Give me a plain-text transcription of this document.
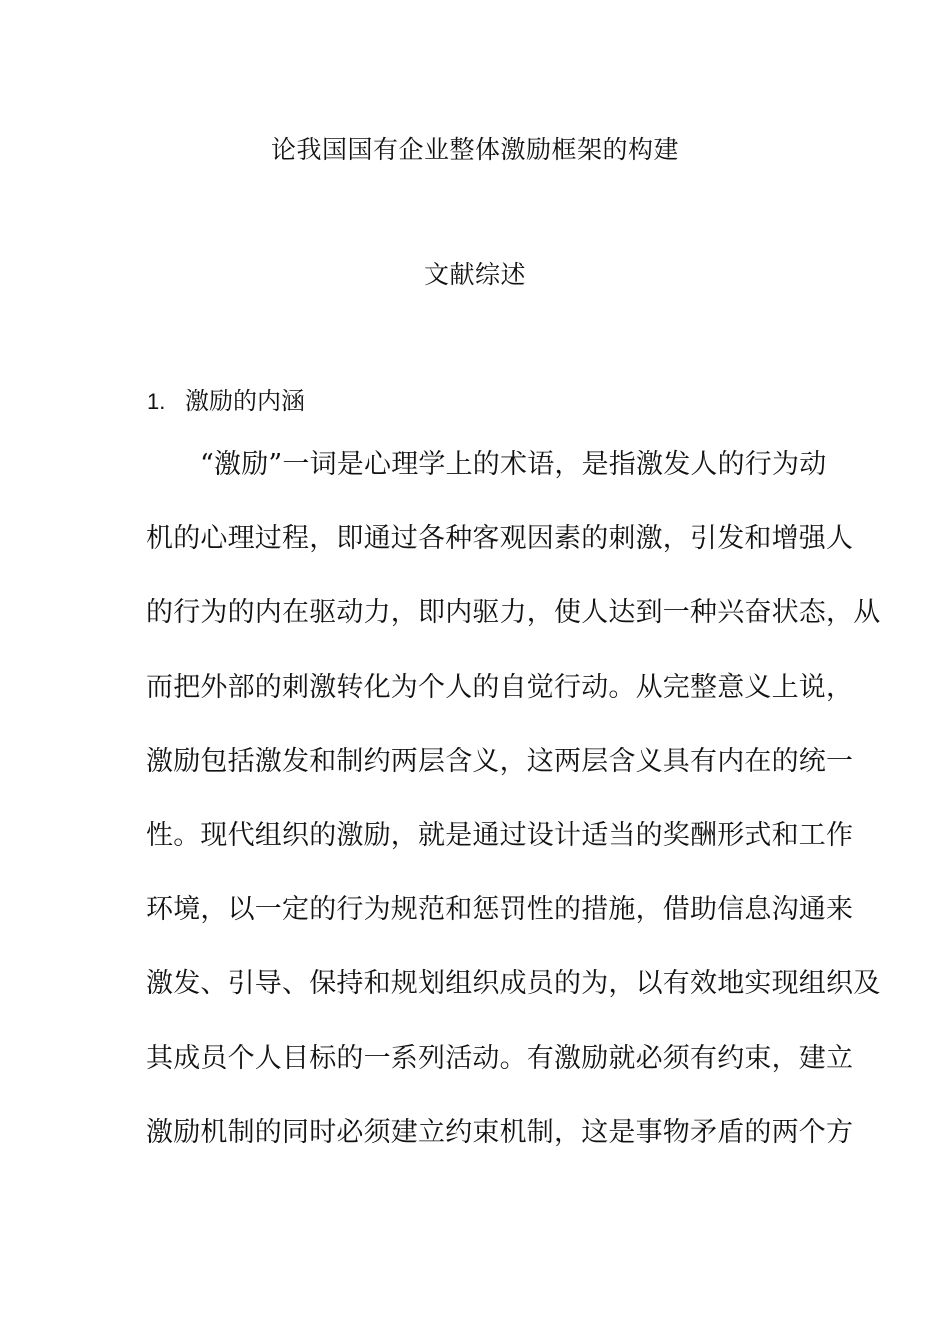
论我国国有企业整体激励框架的构建
文献综述
1. 激励的内涵
“激励”一词是心理学上的术语，是指激发人的行为动
机的心理过程，即通过各种客观因素的刺激，引发和增强人
的行为的内在驱动力，即内驱力，使人达到一种兴奋状态，从
而把外部的刺激转化为个人的自觉行动。从完整意义上说，
激励包括激发和制约两层含义，这两层含义具有内在的统一
性。现代组织的激励，就是通过设计适当的奖酬形式和工作
环境，以一定的行为规范和惩罚性的措施，借助信息沟通来
激发、引导、保持和规划组织成员的为，以有效地实现组织及
其成员个人目标的一系列活动。有激励就必须有约束，建立
激励机制的同时必须建立约束机制，这是事物矛盾的两个方
